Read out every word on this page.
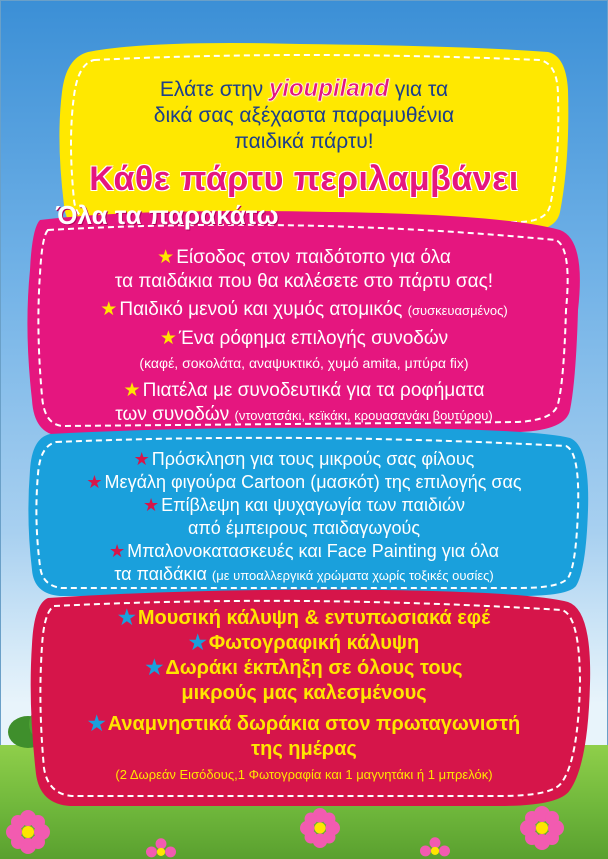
Ελάτε στην yioupiland για τα
δικά σας αξέχαστα παραμυθένια
παιδικά πάρτυ!
Κάθε πάρτυ περιλαμβάνει
Όλα τα παρακάτω
★ Είσοδος στον παιδότοπο για όλα
τα παιδάκια που θα καλέσετε στο πάρτυ σας!
★ Παιδικό μενού και χυμός ατομικός (συσκευασμένος)
★ Ένα ρόφημα επιλογής συνοδών
(καφέ, σοκολάτα, αναψυκτικό, χυμό amita, μπύρα fix)
★ Πιατέλα με συνοδευτικά για τα ροφήματα
των συνοδών (ντονατσάκι, κεϊκάκι, κρουασανάκι βουτύρου)
★ Πρόσκληση για τους μικρούς σας φίλους
★ Μεγάλη φιγούρα Cartoon (μασκότ) της επιλογής σας
★ Επίβλεψη και ψυχαγωγία των παιδιών
από έμπειρους παιδαγωγούς
★ Μπαλονοκατασκευές και Face Painting για όλα
τα παιδάκια (με υποαλλεργικά χρώματα χωρίς τοξικές ουσίες)
★ Μουσική κάλυψη & εντυπωσιακά εφέ
★ Φωτογραφική κάλυψη
★ Δωράκι έκπληξη σε όλους τους
μικρούς μας καλεσμένους
★ Αναμνηστικά δωράκια στον πρωταγωνιστή
της ημέρας
(2 Δωρεάν Εισόδους,1 Φωτογραφία και 1 μαγνητάκι ή 1 μπρελόκ)
